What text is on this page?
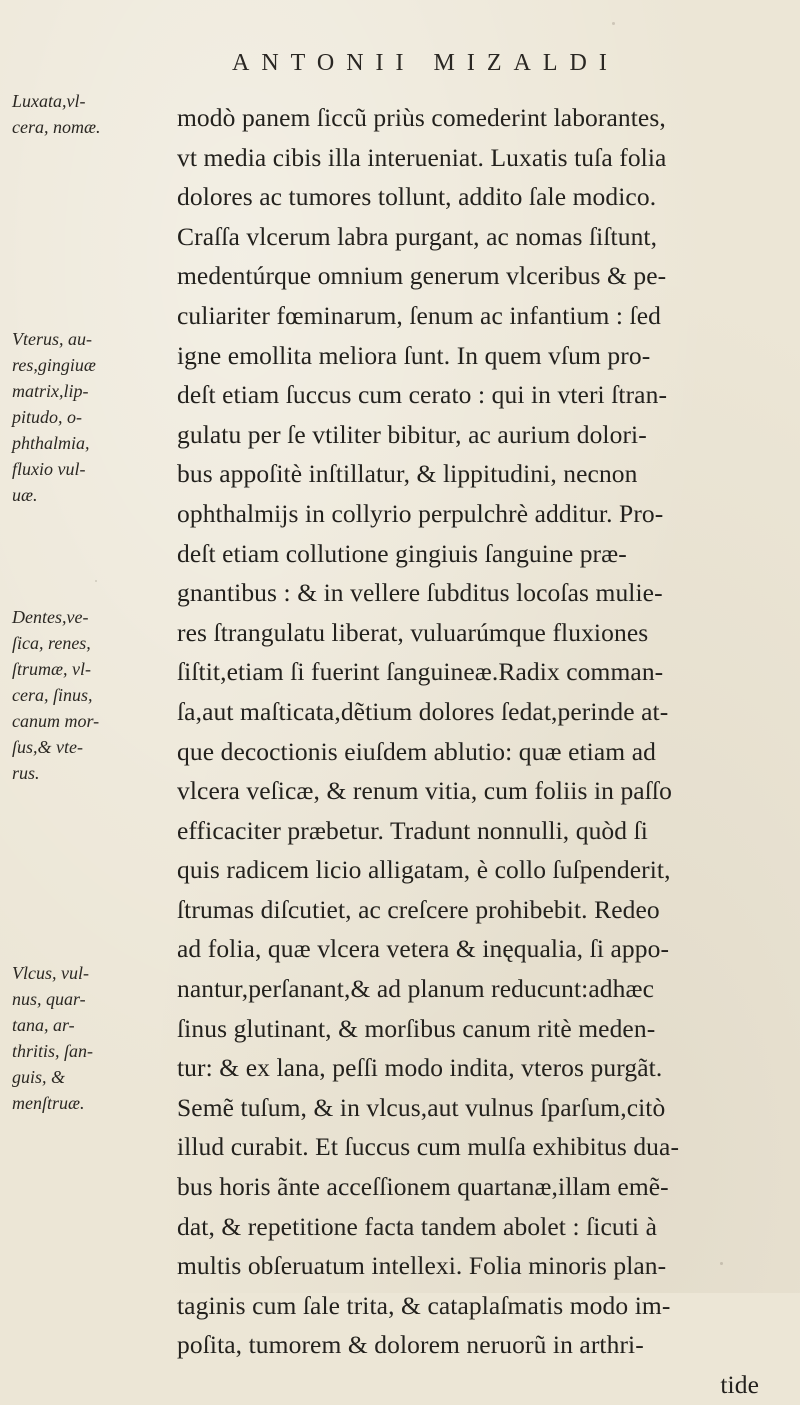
ANTONII MIZALDI
modò panem ſiccũ priùs comederint laborantes,
vt media cibis illa interueniat. Luxatis tuſa folia
dolores ac tumores tollunt, addito ſale modico.
Craſſa vlcerum labra purgant, ac nomas ſiſtunt,
medentúrque omnium generum vlceribus & pe-
culiariter fœminarum, ſenum ac infantium : ſed
igne emollita meliora ſunt. In quem vſum pro-
deſt etiam ſuccus cum cerato : qui in vteri ſtran-
gulatu per ſe vtiliter bibitur, ac aurium dolori-
bus appoſitè inſtillatur, & lippitudini, necnon
ophthalmijs in collyrio perpulchrè additur. Pro-
deſt etiam collutione gingiuis ſanguine præ-
gnantibus : & in vellere ſubditus locoſas mulie-
res ſtrangulatu liberat, vuluarúmque fluxiones
ſiſtit,etiam ſi fuerint ſanguineæ.Radix comman-
ſa,aut maſticata,dẽtium dolores ſedat,perinde at-
que decoctionis eiuſdem ablutio: quæ etiam ad
vlcera veſicæ, & renum vitia, cum foliis in paſſo
efficaciter præbetur. Tradunt nonnulli, quòd ſi
quis radicem licio alligatam, è collo ſuſpenderit,
ſtrumas diſcutiet, ac creſcere prohibebit. Redeo
ad folia, quæ vlcera vetera & inęqualia, ſi appo-
nantur,perſanant,& ad planum reducunt:adhæc
ſinus glutinant, & morſibus canum ritè meden-
tur: & ex lana, peſſi modo indita, vteros purgãt.
Semẽ tuſum, & in vlcus,aut vulnus ſparſum,citò
illud curabit. Et ſuccus cum mulſa exhibitus dua-
bus horis ãnte acceſſionem quartanæ,illam emẽ-
dat, & repetitione facta tandem abolet : ſicuti à
multis obſeruatum intellexi. Folia minoris plan-
taginis cum ſale trita, & cataplaſmatis modo im-
poſita, tumorem & dolorem neruorũ in arthri-
tide
Luxata,vl-
cera, nomæ.
Vterus, au-
res,gingiuæ
matrix,lip-
pitudo, o-
phthalmia,
fluxio vul-
uæ.
Dentes,ve-
ſica, renes,
ſtrumæ, vl-
cera, ſinus,
canum mor-
ſus,& vte-
rus.
Vlcus, vul-
nus, quar-
tana, ar-
thritis, ſan-
guis, &
menſtruæ.
